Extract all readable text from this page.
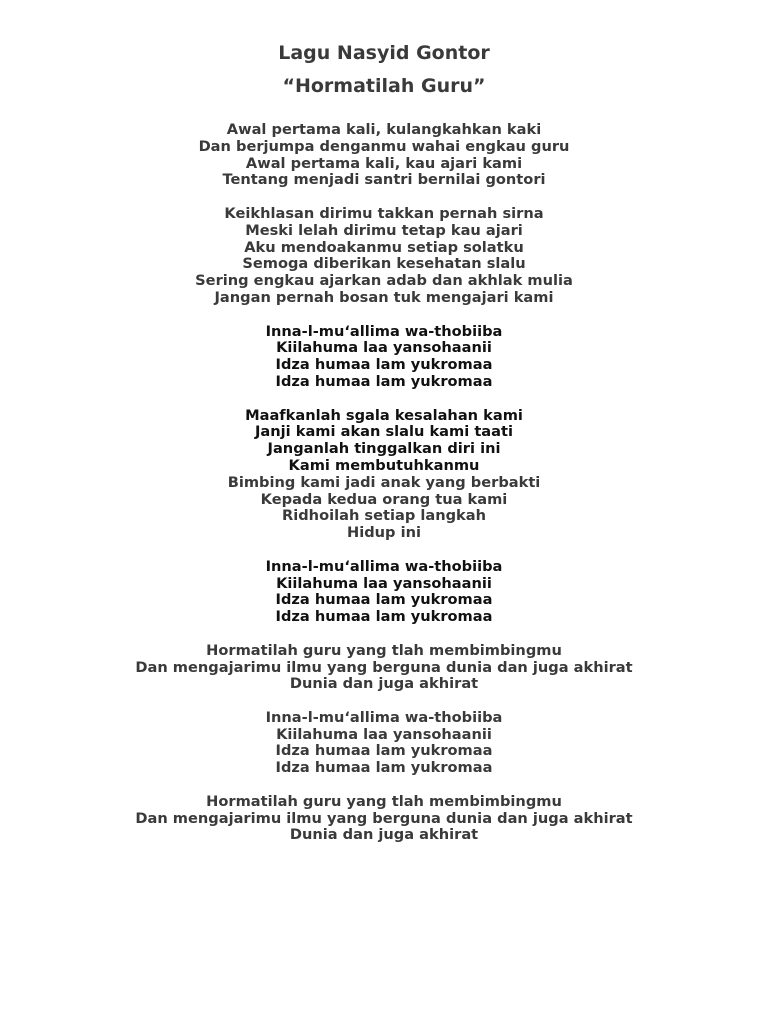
Lagu Nasyid Gontor
“Hormatilah Guru”
Awal pertama kali, kulangkahkan kaki
Dan berjumpa denganmu wahai engkau guru
Awal pertama kali, kau ajari kami
Tentang menjadi santri bernilai gontori
Keikhlasan dirimu takkan pernah sirna
Meski lelah dirimu tetap kau ajari
Aku mendoakanmu setiap solatku
Semoga diberikan kesehatan slalu
Sering engkau ajarkan adab dan akhlak mulia
Jangan pernah bosan tuk mengajari kami
Inna-l-mu‘allima wa-thobiiba
Kiilahuma laa yansohaanii
Idza humaa lam yukromaa
Idza humaa lam yukromaa
Maafkanlah sgala kesalahan kami
Janji kami akan slalu kami taati
Janganlah tinggalkan diri ini
Kami membutuhkanmu
Bimbing kami jadi anak yang berbakti
Kepada kedua orang tua kami
Ridhoilah setiap langkah
Hidup ini
Inna-l-mu‘allima wa-thobiiba
Kiilahuma laa yansohaanii
Idza humaa lam yukromaa
Idza humaa lam yukromaa
Hormatilah guru yang tlah membimbingmu
Dan mengajarimu ilmu yang berguna dunia dan juga akhirat
Dunia dan juga akhirat
Inna-l-mu‘allima wa-thobiiba
Kiilahuma laa yansohaanii
Idza humaa lam yukromaa
Idza humaa lam yukromaa
Hormatilah guru yang tlah membimbingmu
Dan mengajarimu ilmu yang berguna dunia dan juga akhirat
Dunia dan juga akhirat
